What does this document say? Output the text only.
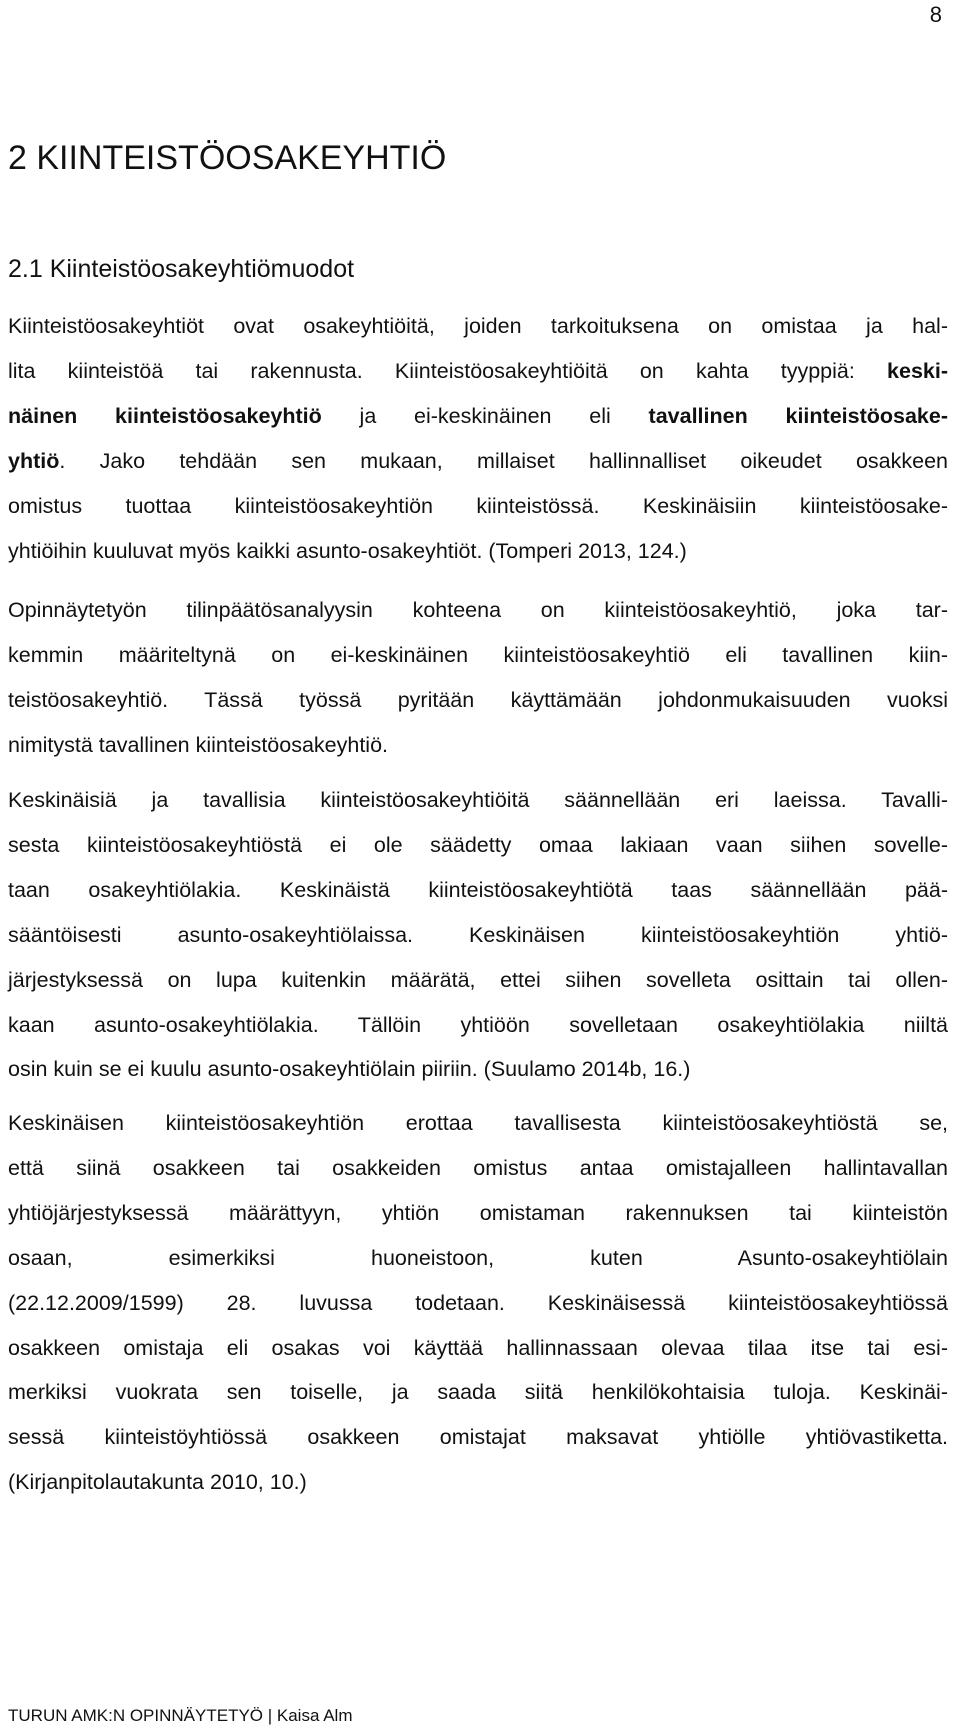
8
2 KIINTEISTÖOSAKEYHTIÖ
2.1 Kiinteistöosakeyhtiömuodot
Kiinteistöosakeyhtiöt ovat osakeyhtiöitä, joiden tarkoituksena on omistaa ja hal-
lita kiinteistöä tai rakennusta. Kiinteistöosakeyhtiöitä on kahta tyyppiä: keski-
näinen kiinteistöosakeyhtiö ja ei-keskinäinen eli tavallinen kiinteistöosake-
yhtiö. Jako tehdään sen mukaan, millaiset hallinnalliset oikeudet osakkeen
omistus tuottaa kiinteistöosakeyhtiön kiinteistössä. Keskinäisiin kiinteistöosake-
yhtiöihin kuuluvat myös kaikki asunto-osakeyhtiöt. (Tomperi 2013, 124.)
Opinnäytetyön tilinpäätösanalyysin kohteena on kiinteistöosakeyhtiö, joka tar-
kemmin määriteltynä on ei-keskinäinen kiinteistöosakeyhtiö eli tavallinen kiin-
teistöosakeyhtiö. Tässä työssä pyritään käyttämään johdonmukaisuuden vuoksi
nimitystä tavallinen kiinteistöosakeyhtiö.
Keskinäisiä ja tavallisia kiinteistöosakeyhtiöitä säännellään eri laeissa. Tavalli-
sesta kiinteistöosakeyhtiöstä ei ole säädetty omaa lakiaan vaan siihen sovelle-
taan osakeyhtiölakia. Keskinäistä kiinteistöosakeyhtiötä taas säännellään pää-
sääntöisesti asunto-osakeyhtiölaissa. Keskinäisen kiinteistöosakeyhtiön yhtiö-
järjestyksessä on lupa kuitenkin määrätä, ettei siihen sovelleta osittain tai ollen-
kaan asunto-osakeyhtiölakia. Tällöin yhtiöön sovelletaan osakeyhtiölakia niiltä
osin kuin se ei kuulu asunto-osakeyhtiölain piiriin. (Suulamo 2014b, 16.)
Keskinäisen kiinteistöosakeyhtiön erottaa tavallisesta kiinteistöosakeyhtiöstä se,
että siinä osakkeen tai osakkeiden omistus antaa omistajalleen hallintavallan
yhtiöjärjestyksessä määrättyyn, yhtiön omistaman rakennuksen tai kiinteistön
osaan, esimerkiksi huoneistoon, kuten Asunto-osakeyhtiölain
(22.12.2009/1599) 28. luvussa todetaan. Keskinäisessä kiinteistöosakeyhtiössä
osakkeen omistaja eli osakas voi käyttää hallinnassaan olevaa tilaa itse tai esi-
merkiksi vuokrata sen toiselle, ja saada siitä henkilökohtaisia tuloja. Keskinäi-
sessä kiinteistöyhtiössä osakkeen omistajat maksavat yhtiölle yhtiövastiketta.
(Kirjanpitolautakunta 2010, 10.)
TURUN AMK:N OPINNÄYTETYÖ | Kaisa Alm
